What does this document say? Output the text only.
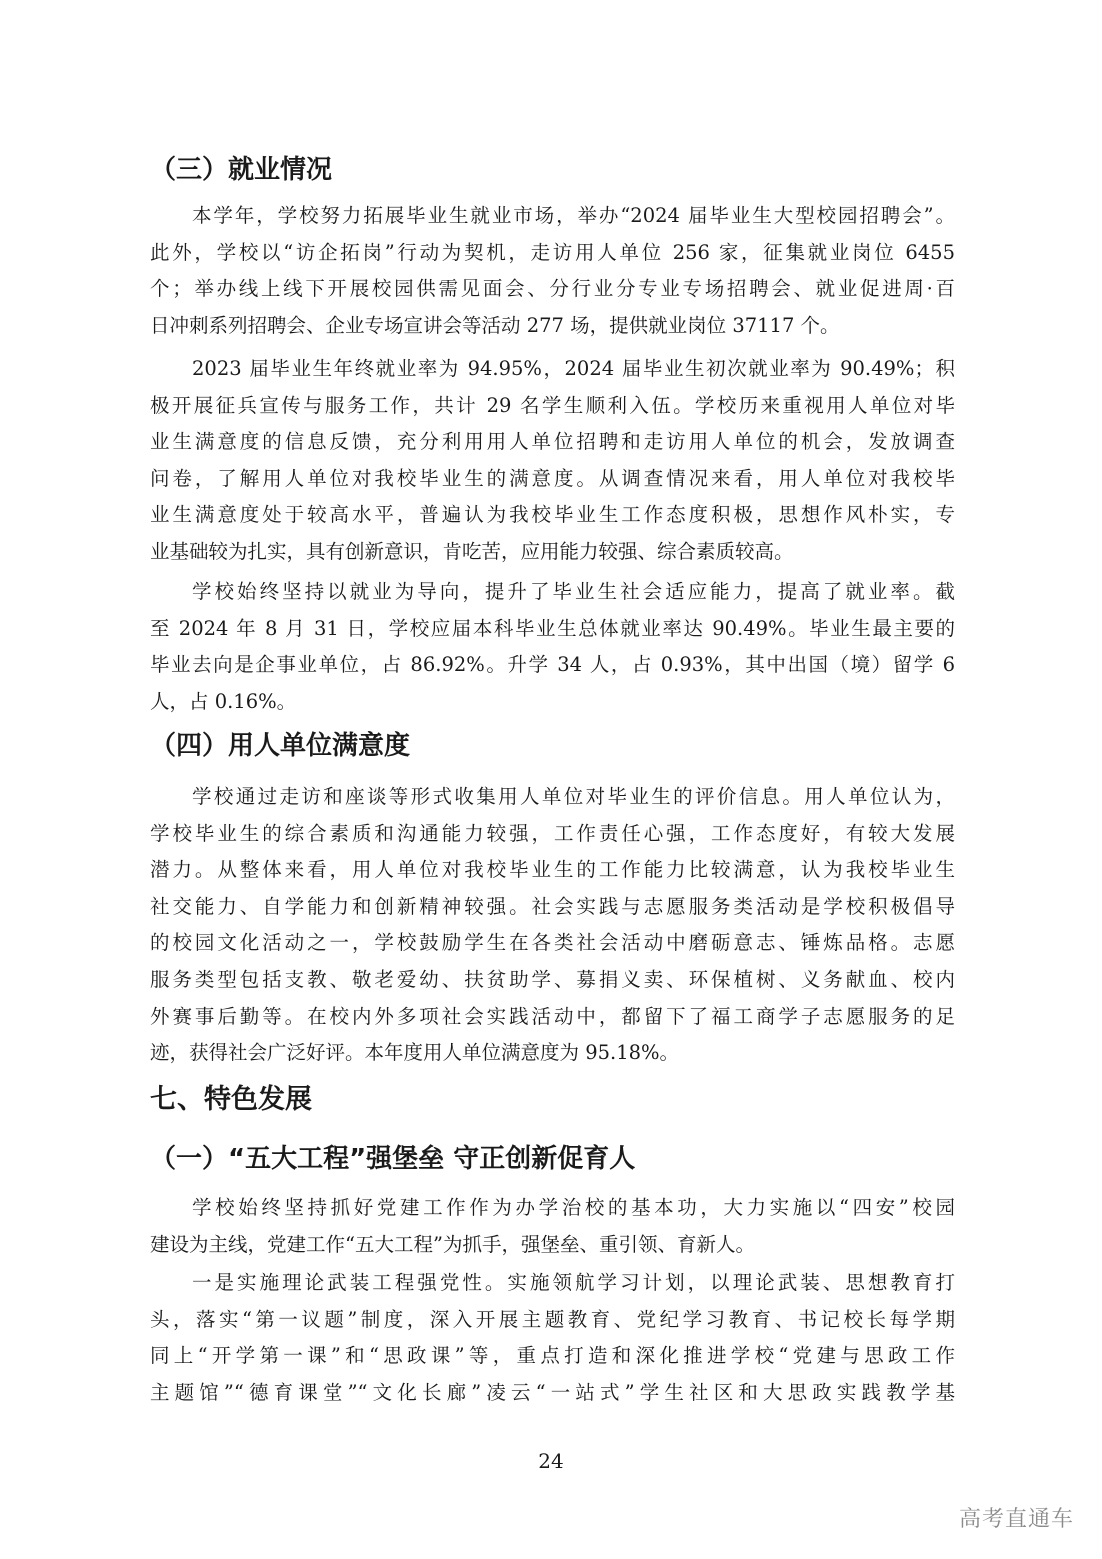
（三）就业情况
本学年，学校努力拓展毕业生就业市场，举办“2024 届毕业生大型校园招聘会”。
此外，学校以“访企拓岗”行动为契机，走访用人单位 256 家，征集就业岗位 6455
个；举办线上线下开展校园供需见面会、分行业分专业专场招聘会、就业促进周·百
日冲刺系列招聘会、企业专场宣讲会等活动 277 场，提供就业岗位 37117 个。
2023 届毕业生年终就业率为 94.95%，2024 届毕业生初次就业率为 90.49%；积
极开展征兵宣传与服务工作，共计 29 名学生顺利入伍。学校历来重视用人单位对毕
业生满意度的信息反馈，充分利用用人单位招聘和走访用人单位的机会，发放调查
问卷，了解用人单位对我校毕业生的满意度。从调查情况来看，用人单位对我校毕
业生满意度处于较高水平，普遍认为我校毕业生工作态度积极，思想作风朴实，专
业基础较为扎实，具有创新意识，肯吃苦，应用能力较强、综合素质较高。
学校始终坚持以就业为导向，提升了毕业生社会适应能力，提高了就业率。截
至 2024 年 8 月 31 日，学校应届本科毕业生总体就业率达 90.49%。毕业生最主要的
毕业去向是企事业单位，占 86.92%。升学 34 人，占 0.93%，其中出国（境）留学 6
人，占 0.16%。
（四）用人单位满意度
学校通过走访和座谈等形式收集用人单位对毕业生的评价信息。用人单位认为，
学校毕业生的综合素质和沟通能力较强，工作责任心强，工作态度好，有较大发展
潜力。从整体来看，用人单位对我校毕业生的工作能力比较满意，认为我校毕业生
社交能力、自学能力和创新精神较强。社会实践与志愿服务类活动是学校积极倡导
的校园文化活动之一，学校鼓励学生在各类社会活动中磨砺意志、锤炼品格。志愿
服务类型包括支教、敬老爱幼、扶贫助学、募捐义卖、环保植树、义务献血、校内
外赛事后勤等。在校内外多项社会实践活动中，都留下了福工商学子志愿服务的足
迹，获得社会广泛好评。本年度用人单位满意度为 95.18%。
七、特色发展
（一）“五大工程”强堡垒 守正创新促育人
学校始终坚持抓好党建工作作为办学治校的基本功，大力实施以“四安”校园
建设为主线，党建工作“五大工程”为抓手，强堡垒、重引领、育新人。
一是实施理论武装工程强党性。实施领航学习计划，以理论武装、思想教育打
头，落实“第一议题”制度，深入开展主题教育、党纪学习教育、书记校长每学期
同上“开学第一课”和“思政课”等，重点打造和深化推进学校“党建与思政工作
主题馆”“德育课堂”“文化长廊”凌云“一站式”学生社区和大思政实践教学基

24

高考直通车
